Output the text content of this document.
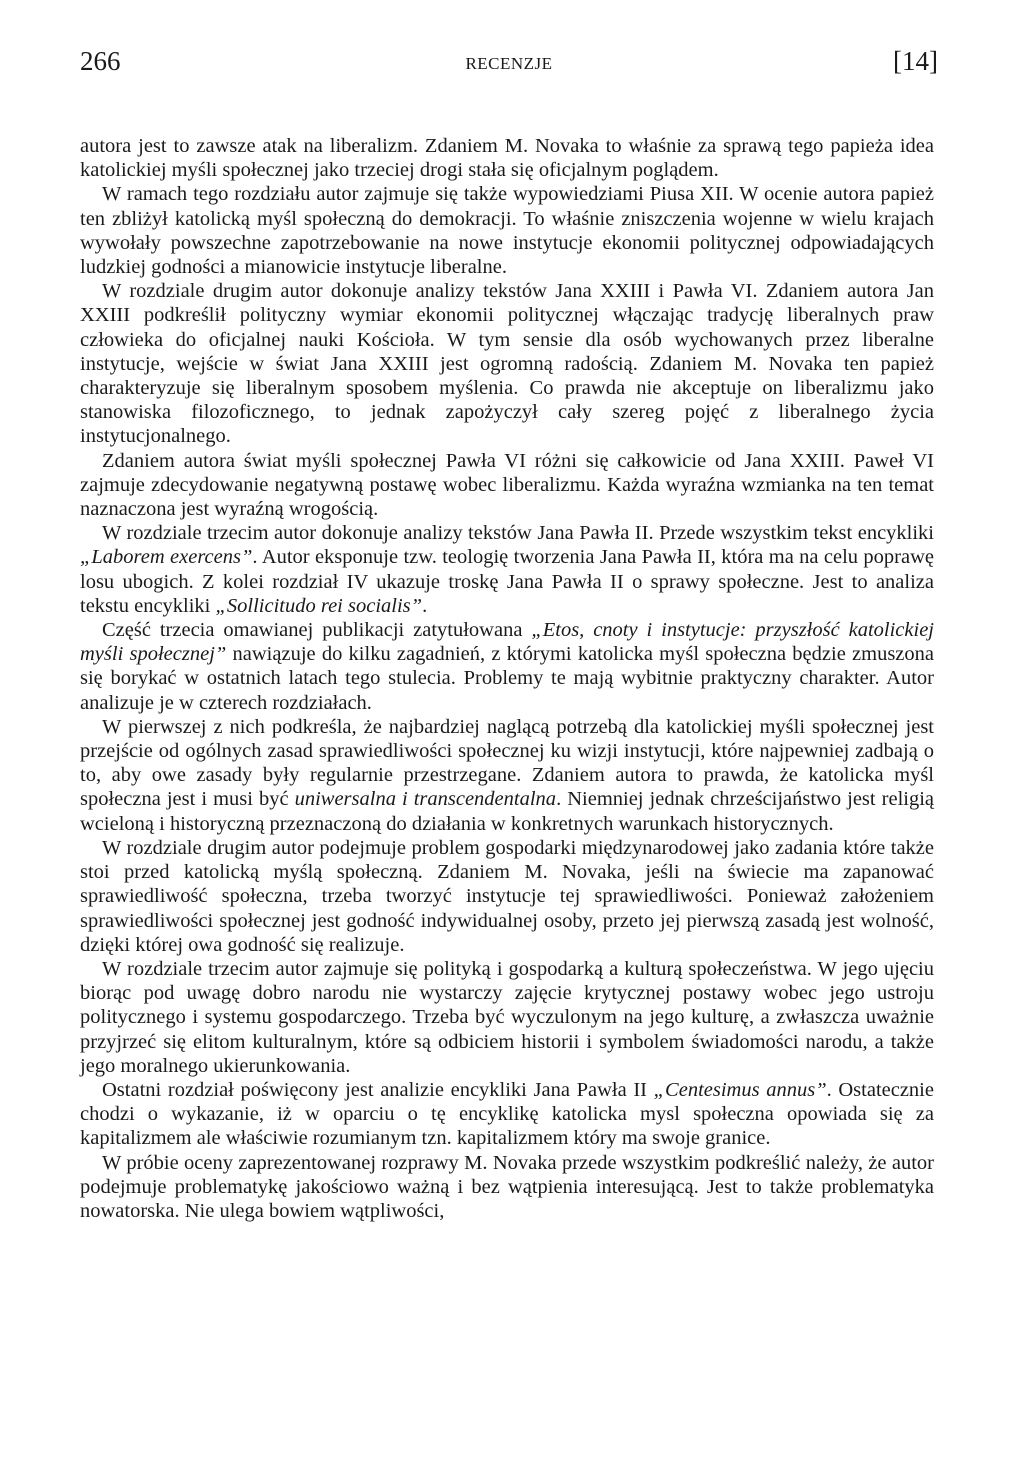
266	RECENZJE	[14]

autora jest to zawsze atak na liberalizm. Zdaniem M. Novaka to właśnie za sprawą tego papieża idea katolickiej myśli społecznej jako trzeciej drogi stała się oficjalnym poglądem.

W ramach tego rozdziału autor zajmuje się także wypowiedziami Piusa XII. W ocenie autora papież ten zbliżył katolicką myśl społeczną do demokracji. To właśnie zniszczenia wojenne w wielu krajach wywołały powszechne zapotrzebowanie na nowe instytucje ekonomii politycznej odpowiadających ludzkiej godności a mianowicie instytucje liberalne.

W rozdziale drugim autor dokonuje analizy tekstów Jana XXIII i Pawła VI. Zdaniem autora Jan XXIII podkreślił polityczny wymiar ekonomii politycznej włączając tradycję liberalnych praw człowieka do oficjalnej nauki Kościoła. W tym sensie dla osób wychowanych przez liberalne instytucje, wejście w świat Jana XXIII jest ogromną radością. Zdaniem M. Novaka ten papież charakteryzuje się liberalnym sposobem myślenia. Co prawda nie akceptuje on liberalizmu jako stanowiska filozoficznego, to jednak zapożyczył cały szereg pojęć z liberalnego życia instytucjonalnego.

Zdaniem autora świat myśli społecznej Pawła VI różni się całkowicie od Jana XXIII. Paweł VI zajmuje zdecydowanie negatywną postawę wobec liberalizmu. Każda wyraźna wzmianka na ten temat naznaczona jest wyraźną wrogością.

W rozdziale trzecim autor dokonuje analizy tekstów Jana Pawła II. Przede wszystkim tekst encykliki „Laborem exercens”. Autor eksponuje tzw. teologię tworzenia Jana Pawła II, która ma na celu poprawę losu ubogich. Z kolei rozdział IV ukazuje troskę Jana Pawła II o sprawy społeczne. Jest to analiza tekstu encykliki „Sollicitudo rei socialis”.

Część trzecia omawianej publikacji zatytułowana „Etos, cnoty i instytucje: przyszłość katolickiej myśli społecznej” nawiązuje do kilku zagadnień, z którymi katolicka myśl społeczna będzie zmuszona się borykać w ostatnich latach tego stulecia. Problemy te mają wybitnie praktyczny charakter. Autor analizuje je w czterech rozdziałach.

W pierwszej z nich podkreśla, że najbardziej naglącą potrzebą dla katolickiej myśli społecznej jest przejście od ogólnych zasad sprawiedliwości społecznej ku wizji instytucji, które najpewniej zadbają o to, aby owe zasady były regularnie przestrzegane. Zdaniem autora to prawda, że katolicka myśl społeczna jest i musi być uniwersalna i transcendentalna. Niemniej jednak chrześcijaństwo jest religią wcieloną i historyczną przeznaczoną do działania w konkretnych warunkach historycznych.

W rozdziale drugim autor podejmuje problem gospodarki międzynarodowej jako zadania które także stoi przed katolicką myślą społeczną. Zdaniem M. Novaka, jeśli na świecie ma zapanować sprawiedliwość społeczna, trzeba tworzyć instytucje tej sprawiedliwości. Ponieważ założeniem sprawiedliwości społecznej jest godność indywidualnej osoby, przeto jej pierwszą zasadą jest wolność, dzięki której owa godność się realizuje.

W rozdziale trzecim autor zajmuje się polityką i gospodarką a kulturą społeczeństwa. W jego ujęciu biorąc pod uwagę dobro narodu nie wystarczy zajęcie krytycznej postawy wobec jego ustroju politycznego i systemu gospodarczego. Trzeba być wyczulonym na jego kulturę, a zwłaszcza uważnie przyjrzeć się elitom kulturalnym, które są odbiciem historii i symbolem świadomości narodu, a także jego moralnego ukierunkowania.

Ostatni rozdział poświęcony jest analizie encykliki Jana Pawła II „Centesimus annus”. Ostatecznie chodzi o wykazanie, iż w oparciu o tę encyklikę katolicka mysl społeczna opowiada się za kapitalizmem ale właściwie rozumianym tzn. kapitalizmem który ma swoje granice.

W próbie oceny zaprezentowanej rozprawy M. Novaka przede wszystkim podkreślić należy, że autor podejmuje problematykę jakościowo ważną i bez wątpienia interesującą. Jest to także problematyka nowatorska. Nie ulega bowiem wątpliwości,
